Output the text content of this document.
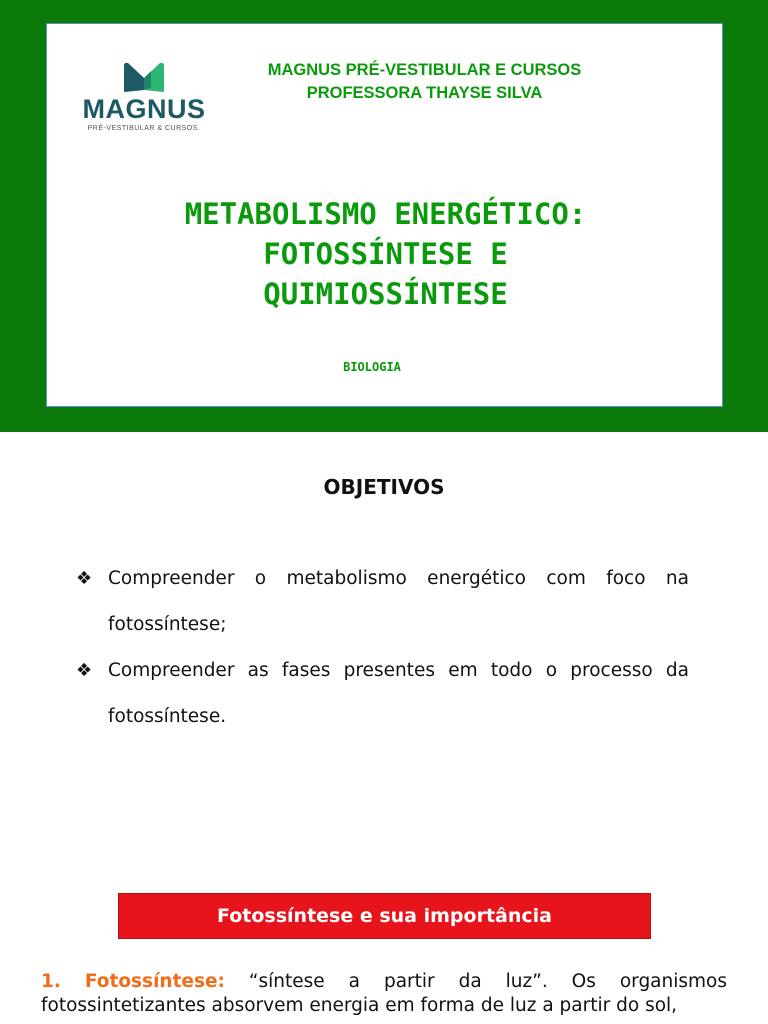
MAGNUS
PRÉ-VESTIBULAR & CURSOS.
MAGNUS PRÉ-VESTIBULAR E CURSOS
PROFESSORA THAYSE SILVA
METABOLISMO ENERGÉTICO:
FOTOSSÍNTESE E
QUIMIOSSÍNTESE
BIOLOGIA
OBJETIVOS
❖ Compreender o metabolismo energético com foco na fotossíntese;
❖ Compreender as fases presentes em todo o processo da fotossíntese.
Fotossíntese e sua importância
1. Fotossíntese: “síntese a partir da luz”. Os organismos fotossintetizantes absorvem energia em forma de luz a partir do sol,
